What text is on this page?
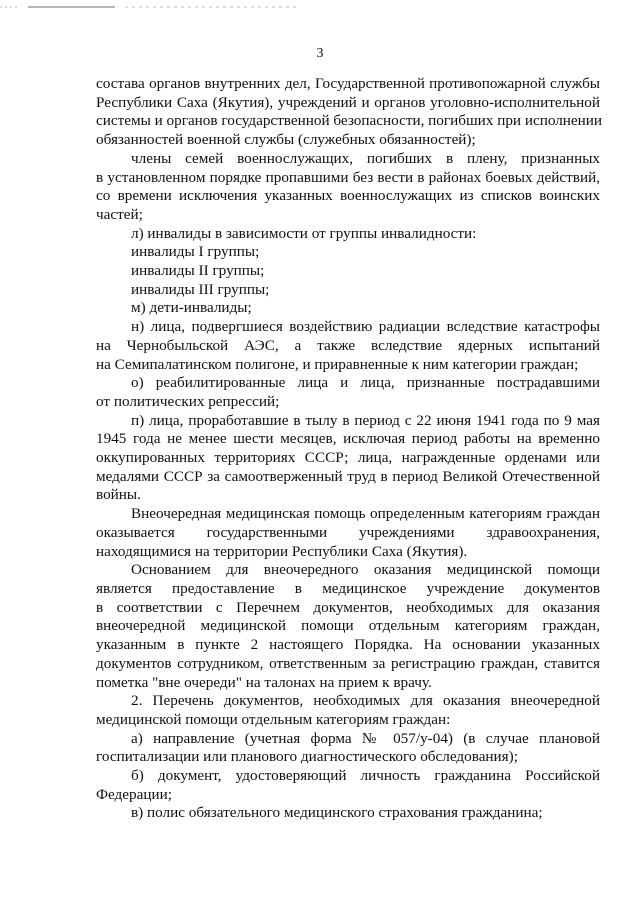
3
состава органов внутренних дел, Государственной противопожарной службы
Республики Саха (Якутия), учреждений и органов уголовно-исполнительной
системы и органов государственной безопасности, погибших при исполнении
обязанностей военной службы (служебных обязанностей);
члены семей военнослужащих, погибших в плену, признанных
в установленном порядке пропавшими без вести в районах боевых действий,
со времени исключения указанных военнослужащих из списков воинских
частей;
л) инвалиды в зависимости от группы инвалидности:
инвалиды I группы;
инвалиды II группы;
инвалиды III группы;
м) дети-инвалиды;
н) лица, подвергшиеся воздействию радиации вследствие катастрофы
на Чернобыльской АЭС, а также вследствие ядерных испытаний
на Семипалатинском полигоне, и приравненные к ним категории граждан;
о) реабилитированные лица и лица, признанные пострадавшими
от политических репрессий;
п) лица, проработавшие в тылу в период с 22 июня 1941 года по 9 мая
1945 года не менее шести месяцев, исключая период работы на временно
оккупированных территориях СССР; лица, награжденные орденами или
медалями СССР за самоотверженный труд в период Великой Отечественной
войны.
Внеочередная медицинская помощь определенным категориям граждан
оказывается государственными учреждениями здравоохранения,
находящимися на территории Республики Саха (Якутия).
Основанием для внеочередного оказания медицинской помощи
является предоставление в медицинское учреждение документов
в соответствии с Перечнем документов, необходимых для оказания
внеочередной медицинской помощи отдельным категориям граждан,
указанным в пункте 2 настоящего Порядка. На основании указанных
документов сотрудником, ответственным за регистрацию граждан, ставится
пометка "вне очереди" на талонах на прием к врачу.
2. Перечень документов, необходимых для оказания внеочередной
медицинской помощи отдельным категориям граждан:
а) направление (учетная форма № 057/у-04) (в случае плановой
госпитализации или планового диагностического обследования);
б) документ, удостоверяющий личность гражданина Российской
Федерации;
в) полис обязательного медицинского страхования гражданина;
